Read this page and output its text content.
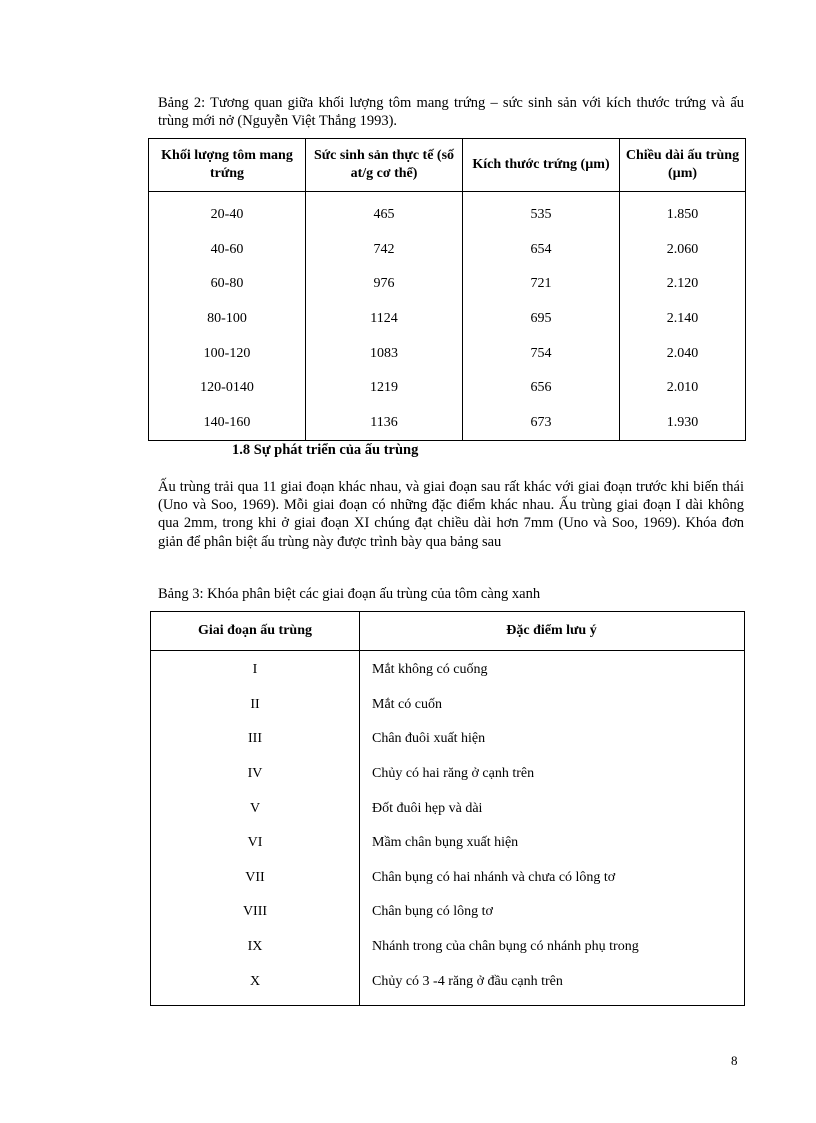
Bảng 2: Tương quan giữa khối lượng tôm mang trứng – sức sinh sản với kích thước trứng và ấu trùng mới nở (Nguyễn Việt Thắng 1993).
Khối lượng tôm mang trứng	Sức sinh sản thực tế (số at/g cơ thể)	Kích thước trứng (µm)	Chiều dài ấu trùng (µm)
20-40	465	535	1.850
40-60	742	654	2.060
60-80	976	721	2.120
80-100	1124	695	2.140
100-120	1083	754	2.040
120-0140	1219	656	2.010
140-160	1136	673	1.930
1.8 Sự phát triển của ấu trùng
Ấu trùng trải qua 11 giai đoạn khác nhau, và giai đoạn sau rất khác với giai đoạn trước khi biến thái (Uno và Soo, 1969). Mỗi giai đoạn có những đặc điểm khác nhau. Ấu trùng giai đoạn I dài không qua 2mm, trong khi ở giai đoạn XI chúng đạt chiều dài hơn 7mm (Uno và Soo, 1969). Khóa đơn giản để phân biệt ấu trùng này được trình bày qua bảng sau
Bảng 3: Khóa phân biệt các giai đoạn ấu trùng của tôm càng xanh
Giai đoạn ấu trùng	Đặc điểm lưu ý
I	Mắt không có cuống
II	Mắt có cuốn
III	Chân đuôi xuất hiện
IV	Chủy có hai răng ở cạnh trên
V	Đốt đuôi hẹp và dài
VI	Mầm chân bụng xuất hiện
VII	Chân bụng có hai nhánh và chưa có lông tơ
VIII	Chân bụng có lông tơ
IX	Nhánh trong của chân bụng có nhánh phụ trong
X	Chủy có 3 -4 răng ở đầu cạnh trên
8
